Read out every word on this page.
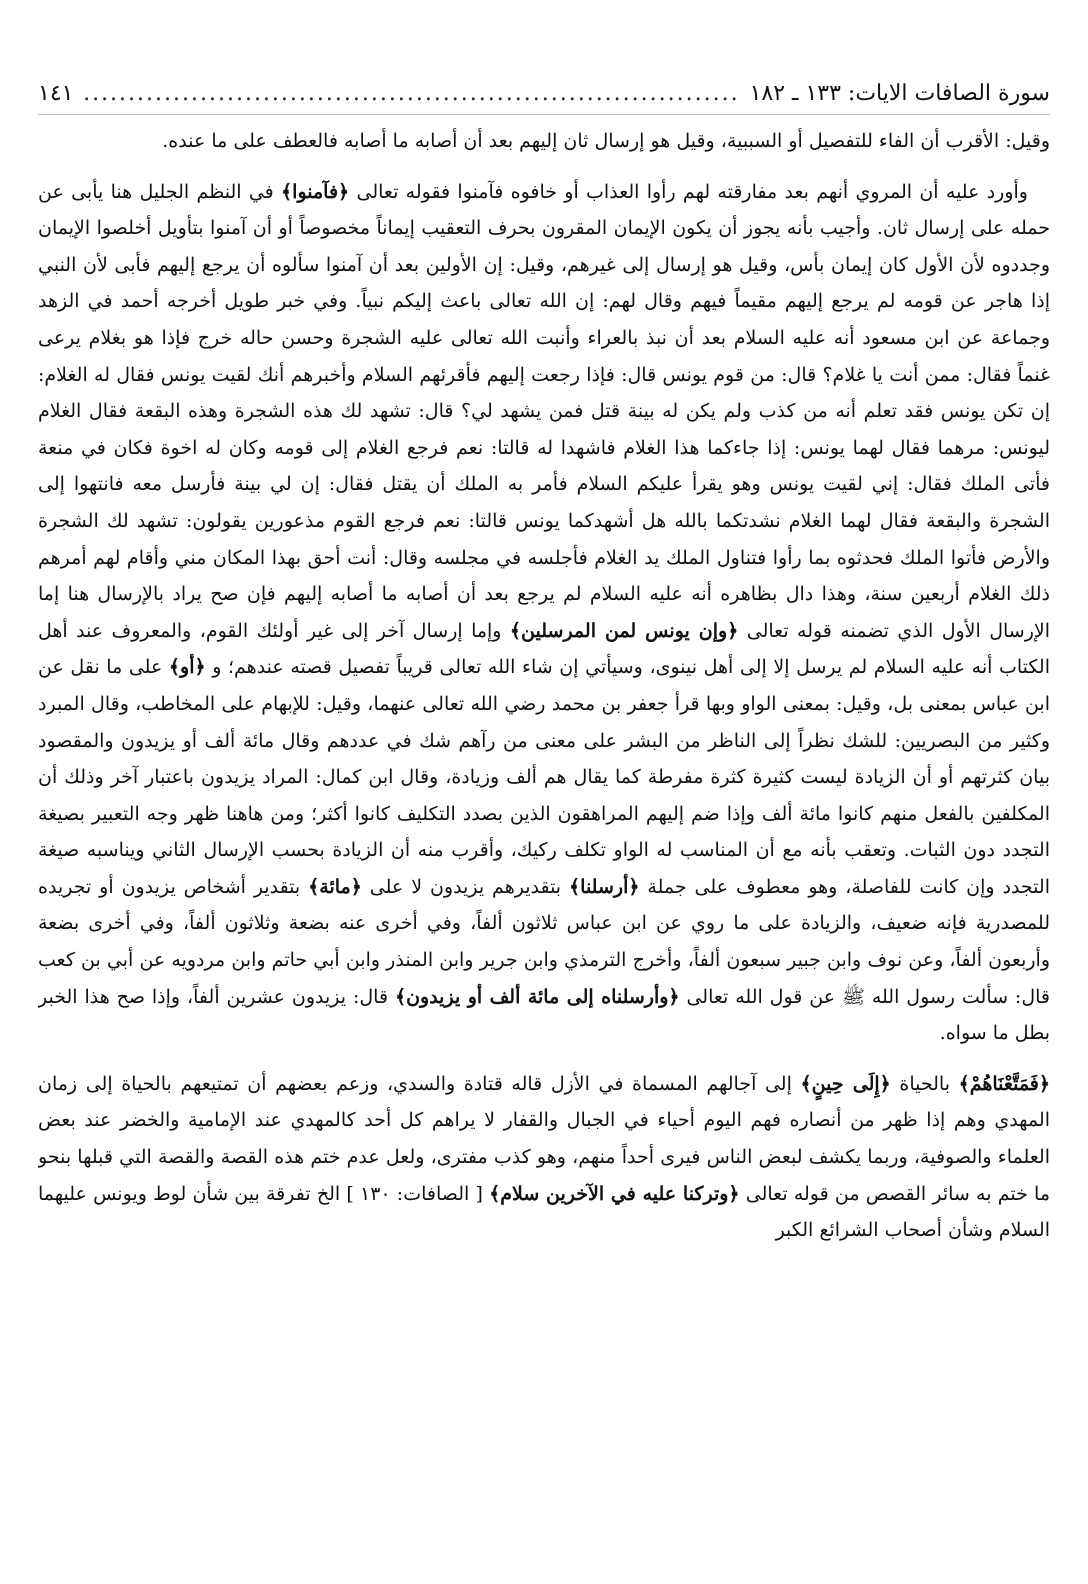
سورة الصافات الايات: ١٣٣ ـ ١٨٢
.....
١٤١

وقيل: الأقرب أن الفاء للتفصيل أو السببية، وقيل هو إرسال ثان إليهم بعد أن أصابه ما أصابه فالعطف على ما عنده.

وأورد عليه أن المروي أنهم بعد مفارقته لهم رأوا العذاب أو خافوه فآمنوا فقوله تعالى ﴿فآمنوا﴾ في النظم الجليل هنا يأبى عن حمله على إرسال ثان. وأجيب بأنه يجوز أن يكون الإيمان المقرون بحرف التعقيب إيماناً مخصوصاً أو أن آمنوا بتأويل أخلصوا الإيمان وجددوه لأن الأول كان إيمان بأس، وقيل هو إرسال إلى غيرهم، وقيل: إن الأولين بعد أن آمنوا سألوه أن يرجع إليهم فأبى لأن النبي إذا هاجر عن قومه لم يرجع إليهم مقيماً فيهم وقال لهم: إن الله تعالى باعث إليكم نبياً. وفي خبر طويل أخرجه أحمد في الزهد وجماعة عن ابن مسعود أنه عليه السلام بعد أن نبذ بالعراء وأنبت الله تعالى عليه الشجرة وحسن حاله خرج فإذا هو بغلام يرعى غنماً فقال: ممن أنت يا غلام؟ قال: من قوم يونس قال: فإذا رجعت إليهم فأقرئهم السلام وأخبرهم أنك لقيت يونس فقال له الغلام: إن تكن يونس فقد تعلم أنه من كذب ولم يكن له بينة قتل فمن يشهد لي؟ قال: تشهد لك هذه الشجرة وهذه البقعة فقال الغلام ليونس: مرهما فقال لهما يونس: إذا جاءكما هذا الغلام فاشهدا له قالتا: نعم فرجع الغلام إلى قومه وكان له اخوة فكان في منعة فأتى الملك فقال: إني لقيت يونس وهو يقرأ عليكم السلام فأمر به الملك أن يقتل فقال: إن لي بينة فأرسل معه فانتهوا إلى الشجرة والبقعة فقال لهما الغلام نشدتكما بالله هل أشهدكما يونس قالتا: نعم فرجع القوم مذعورين يقولون: تشهد لك الشجرة والأرض فأتوا الملك فحدثوه بما رأوا فتناول الملك يد الغلام فأجلسه في مجلسه وقال: أنت أحق بهذا المكان مني وأقام لهم أمرهم ذلك الغلام أربعين سنة، وهذا دال بظاهره أنه عليه السلام لم يرجع بعد أن أصابه ما أصابه إليهم فإن صح يراد بالإرسال هنا إما الإرسال الأول الذي تضمنه قوله تعالى ﴿وإن يونس لمن المرسلين﴾ وإما إرسال آخر إلى غير أولئك القوم، والمعروف عند أهل الكتاب أنه عليه السلام لم يرسل إلا إلى أهل نينوى، وسيأتي إن شاء الله تعالى قريباً تفصيل قصته عندهم؛ و ﴿أو﴾ على ما نقل عن ابن عباس بمعنى بل، وقيل: بمعنى الواو وبها قرأ جعفر بن محمد رضي الله تعالى عنهما، وقيل: للإبهام على المخاطب، وقال المبرد وكثير من البصريين: للشك نظراً إلى الناظر من البشر على معنى من رآهم شك في عددهم وقال مائة ألف أو يزيدون والمقصود بيان كثرتهم أو أن الزيادة ليست كثيرة كثرة مفرطة كما يقال هم ألف وزيادة، وقال ابن كمال: المراد يزيدون باعتبار آخر وذلك أن المكلفين بالفعل منهم كانوا مائة ألف وإذا ضم إليهم المراهقون الذين بصدد التكليف كانوا أكثر؛ ومن هاهنا ظهر وجه التعبير بصيغة التجدد دون الثبات. وتعقب بأنه مع أن المناسب له الواو تكلف ركيك، وأقرب منه أن الزيادة بحسب الإرسال الثاني ويناسبه صيغة التجدد وإن كانت للفاصلة، وهو معطوف على جملة ﴿أرسلنا﴾ بتقديرهم يزيدون لا على ﴿مائة﴾ بتقدير أشخاص يزيدون أو تجريده للمصدرية فإنه ضعيف، والزيادة على ما روي عن ابن عباس ثلاثون ألفاً، وفي أخرى عنه بضعة وثلاثون ألفاً، وفي أخرى بضعة وأربعون ألفاً، وعن نوف وابن جبير سبعون ألفاً، وأخرج الترمذي وابن جرير وابن المنذر وابن أبي حاتم وابن مردويه عن أبي بن كعب قال: سألت رسول الله ﷺ عن قول الله تعالى ﴿وأرسلناه إلى مائة ألف أو يزيدون﴾ قال: يزيدون عشرين ألفاً، وإذا صح هذا الخبر بطل ما سواه.

﴿فَمَتَّعْنَاهُمْ﴾ بالحياة ﴿إِلَى حِينٍ﴾ إلى آجالهم المسماة في الأزل قاله قتادة والسدي، وزعم بعضهم أن تمتيعهم بالحياة إلى زمان المهدي وهم إذا ظهر من أنصاره فهم اليوم أحياء في الجبال والقفار لا يراهم كل أحد كالمهدي عند الإمامية والخضر عند بعض العلماء والصوفية، وربما يكشف لبعض الناس فيرى أحداً منهم، وهو كذب مفترى، ولعل عدم ختم هذه القصة والقصة التي قبلها بنحو ما ختم به سائر القصص من قوله تعالى ﴿وتركنا عليه في الآخرين سلام﴾ [ الصافات: ١٣٠ ] الخ تفرقة بين شأن لوط ويونس عليهما السلام وشأن أصحاب الشرائع الكبر
